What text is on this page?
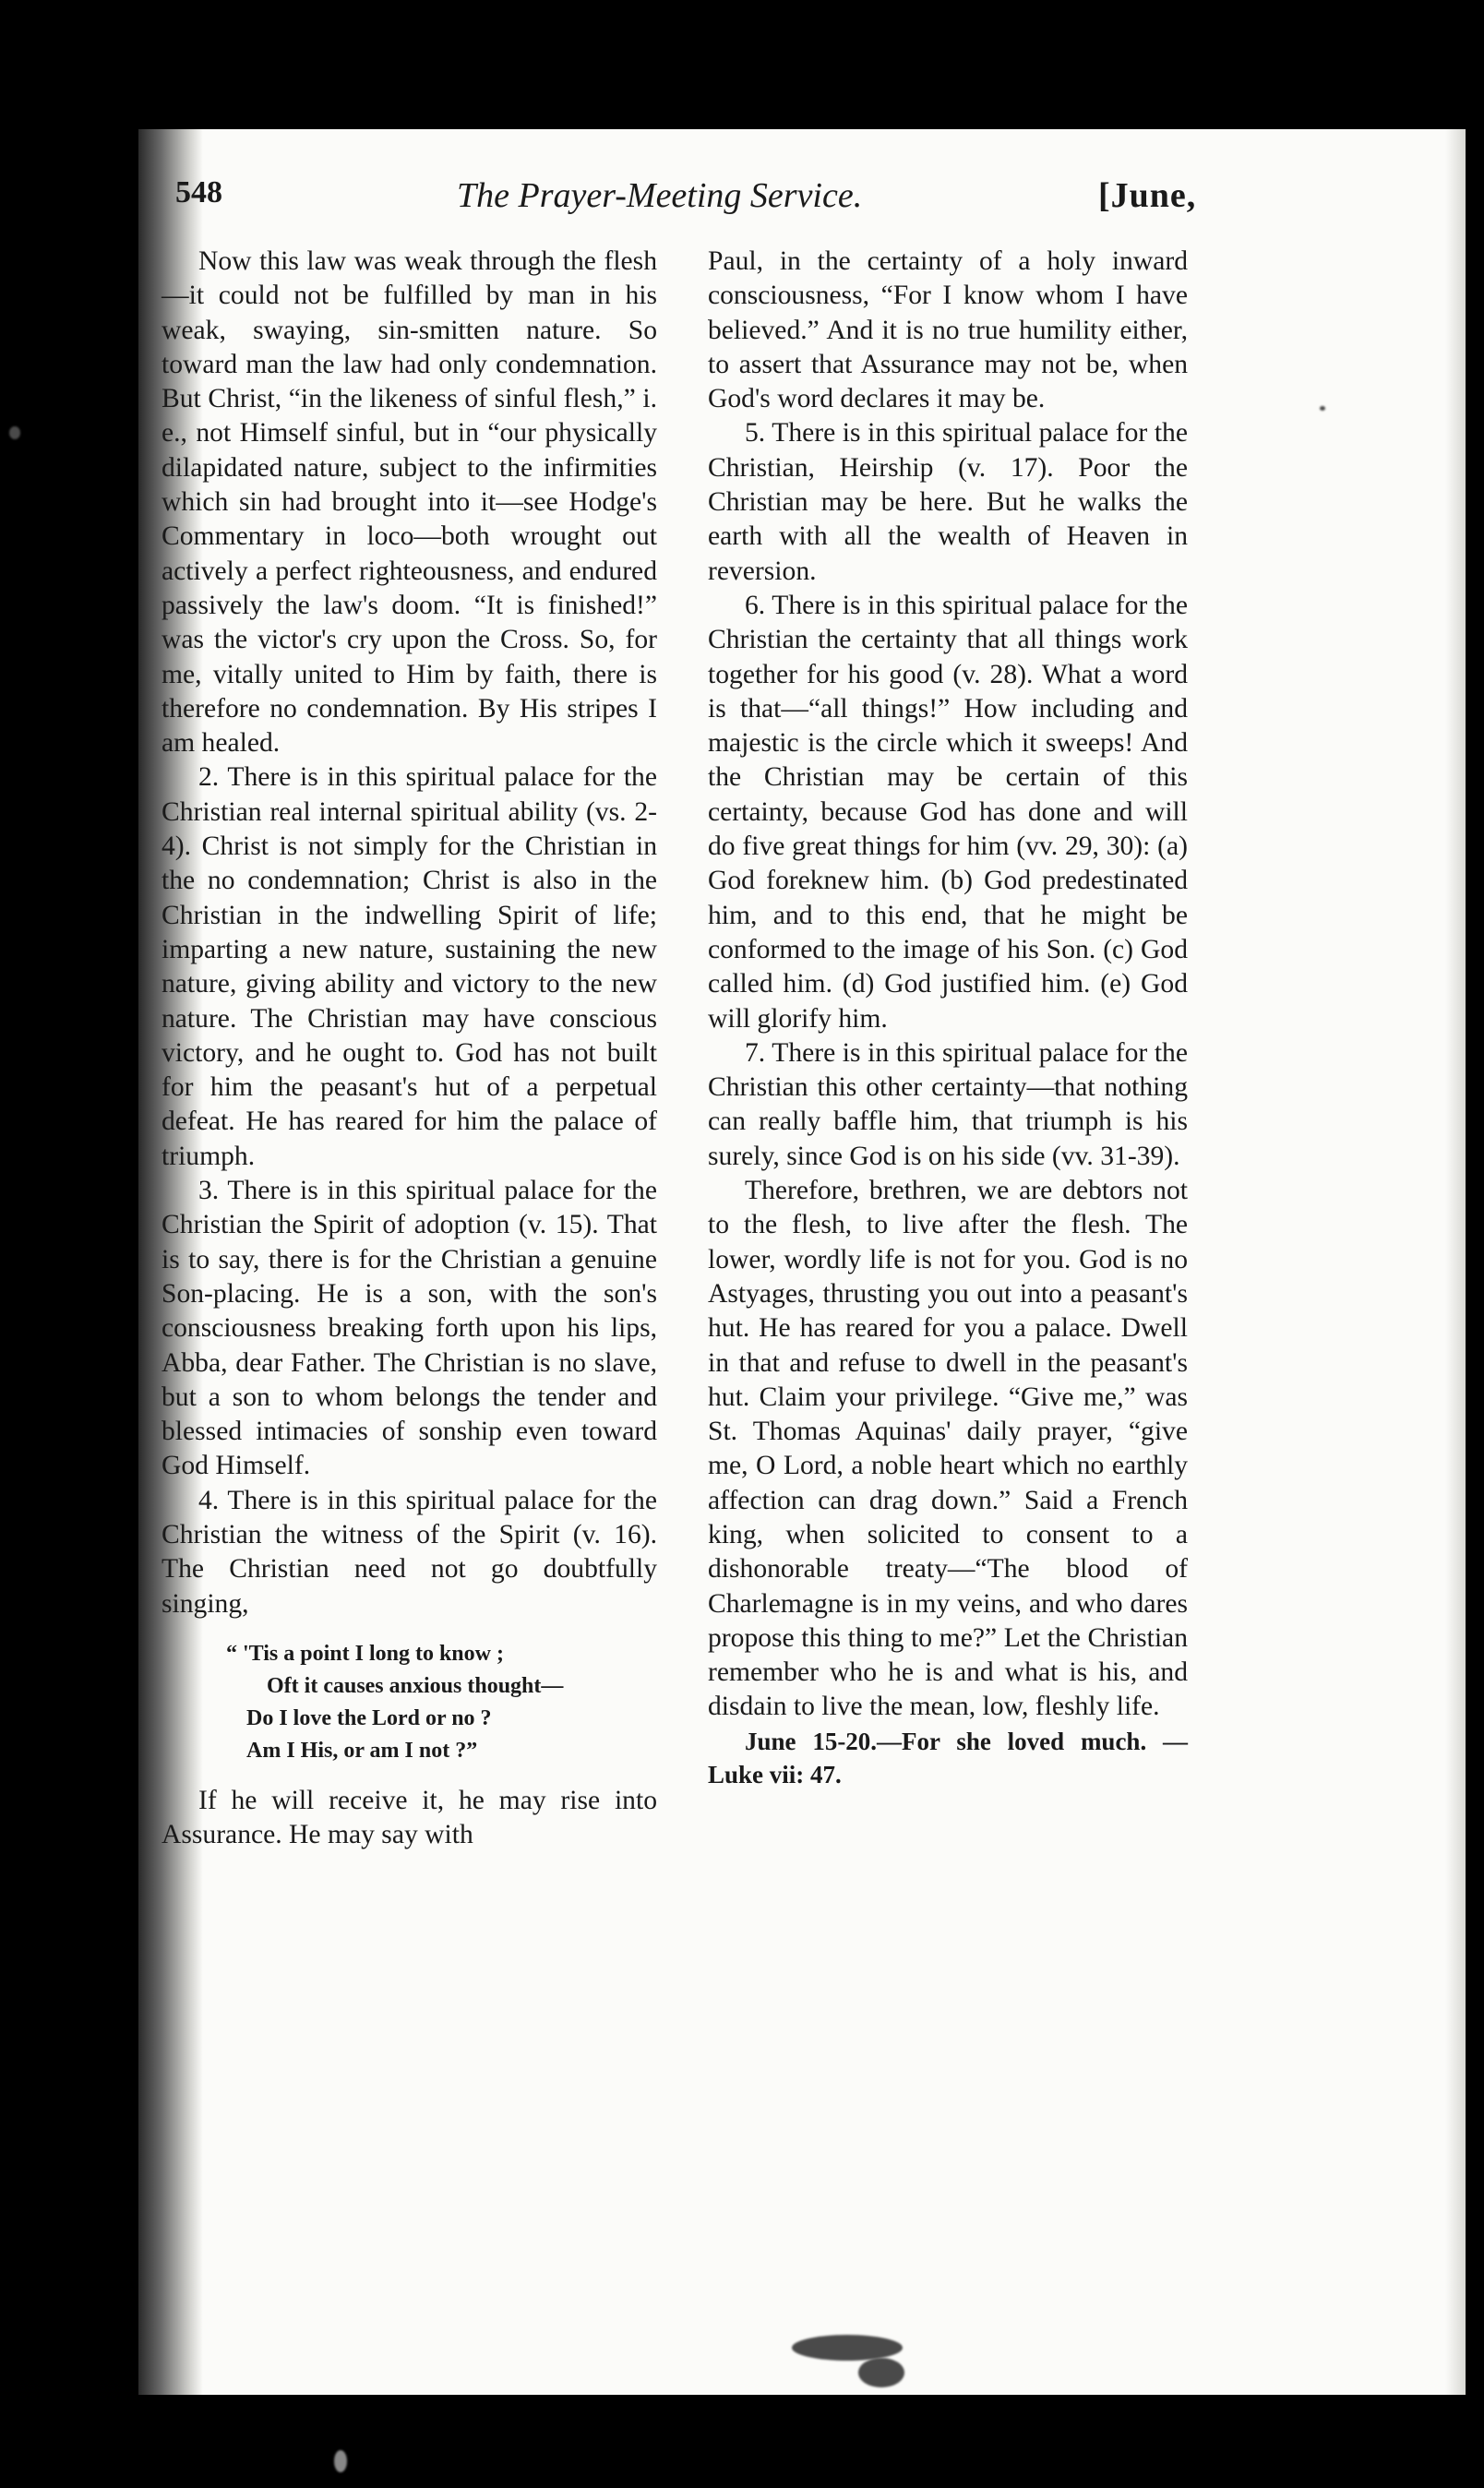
548	The Prayer-Meeting Service.	[June,

Now this law was weak through the flesh—it could not be fulfilled by man in his weak, swaying, sin-smitten nature. So toward man the law had only condemnation. But Christ, “in the likeness of sinful flesh,” i. e., not Himself sinful, but in “our physically dilapidated nature, subject to the infirmities which sin had brought into it—see Hodge's Commentary in loco—both wrought out actively a perfect righteousness, and endured passively the law's doom. “It is finished!” was the victor's cry upon the Cross. So, for me, vitally united to Him by faith, there is therefore no condemnation. By His stripes I am healed.

2. There is in this spiritual palace for the Christian real internal spiritual ability (vs. 2-4). Christ is not simply for the Christian in the no condemnation; Christ is also in the Christian in the indwelling Spirit of life; imparting a new nature, sustaining the new nature, giving ability and victory to the new nature. The Christian may have conscious victory, and he ought to. God has not built for him the peasant's hut of a perpetual defeat. He has reared for him the palace of triumph.

3. There is in this spiritual palace for the Christian the Spirit of adoption (v. 15). That is to say, there is for the Christian a genuine Son-placing. He is a son, with the son's consciousness breaking forth upon his lips, Abba, dear Father. The Christian is no slave, but a son to whom belongs the tender and blessed intimacies of sonship even toward God Himself.

4. There is in this spiritual palace for the Christian the witness of the Spirit (v. 16). The Christian need not go doubtfully singing,

“ 'Tis a point I long to know ;
Oft it causes anxious thought—
Do I love the Lord or no ?
Am I His, or am I not ?”

If he will receive it, he may rise into Assurance. He may say with

Paul, in the certainty of a holy inward consciousness, “For I know whom I have believed.” And it is no true humility either, to assert that Assurance may not be, when God's word declares it may be.

5. There is in this spiritual palace for the Christian, Heirship (v. 17). Poor the Christian may be here. But he walks the earth with all the wealth of Heaven in reversion.

6. There is in this spiritual palace for the Christian the certainty that all things work together for his good (v. 28). What a word is that—“all things!” How including and majestic is the circle which it sweeps! And the Christian may be certain of this certainty, because God has done and will do five great things for him (vv. 29, 30): (a) God foreknew him. (b) God predestinated him, and to this end, that he might be conformed to the image of his Son. (c) God called him. (d) God justified him. (e) God will glorify him.

7. There is in this spiritual palace for the Christian this other certainty—that nothing can really baffle him, that triumph is his surely, since God is on his side (vv. 31-39).

Therefore, brethren, we are debtors not to the flesh, to live after the flesh. The lower, wordly life is not for you. God is no Astyages, thrusting you out into a peasant's hut. He has reared for you a palace. Dwell in that and refuse to dwell in the peasant's hut. Claim your privilege. “Give me,” was St. Thomas Aquinas' daily prayer, “give me, O Lord, a noble heart which no earthly affection can drag down.” Said a French king, when solicited to consent to a dishonorable treaty—“The blood of Charlemagne is in my veins, and who dares propose this thing to me?” Let the Christian remember who he is and what is his, and disdain to live the mean, low, fleshly life.

June 15-20.—For she loved much. —Luke vii: 47.
